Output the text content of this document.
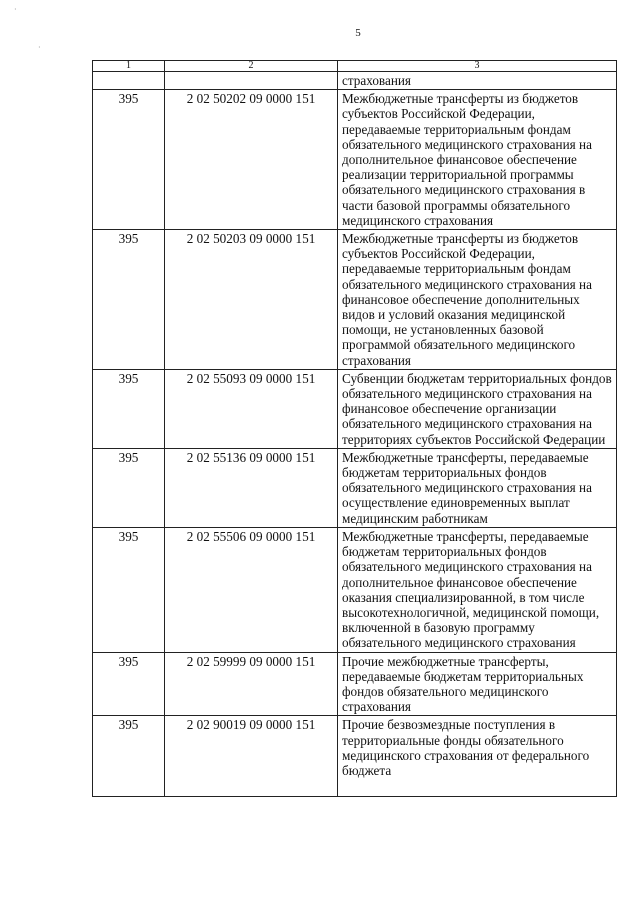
·
·
5
1	2	3
		страхования
395	2 02 50202 09 0000 151	Межбюджетные трансферты из бюджетов субъектов Российской Федерации, передаваемые территориальным фондам обязательного медицинского страхования на дополнительное финансовое обеспечение реализации территориальной программы обязательного медицинского страхования в части базовой программы обязательного медицинского страхования
395	2 02 50203 09 0000 151	Межбюджетные трансферты из бюджетов субъектов Российской Федерации, передаваемые территориальным фондам обязательного медицинского страхования на финансовое обеспечение дополнительных видов и условий оказания медицинской помощи, не установленных базовой программой обязательного медицинского страхования
395	2 02 55093 09 0000 151	Субвенции бюджетам территориальных фондов обязательного медицинского страхования на финансовое обеспечение организации обязательного медицинского страхования на территориях субъектов Российской Федерации
395	2 02 55136 09 0000 151	Межбюджетные трансферты, передаваемые бюджетам территориальных фондов обязательного медицинского страхования на осуществление единовременных выплат медицинским работникам
395	2 02 55506 09 0000 151	Межбюджетные трансферты, передаваемые бюджетам территориальных фондов обязательного медицинского страхования на дополнительное финансовое обеспечение оказания специализированной, в том числе высокотехнологичной, медицинской помощи, включенной в базовую программу обязательного медицинского страхования
395	2 02 59999 09 0000 151	Прочие межбюджетные трансферты, передаваемые бюджетам территориальных фондов обязательного медицинского страхования
395	2 02 90019 09 0000 151	Прочие безвозмездные поступления в территориальные фонды обязательного медицинского страхования от федерального бюджета
